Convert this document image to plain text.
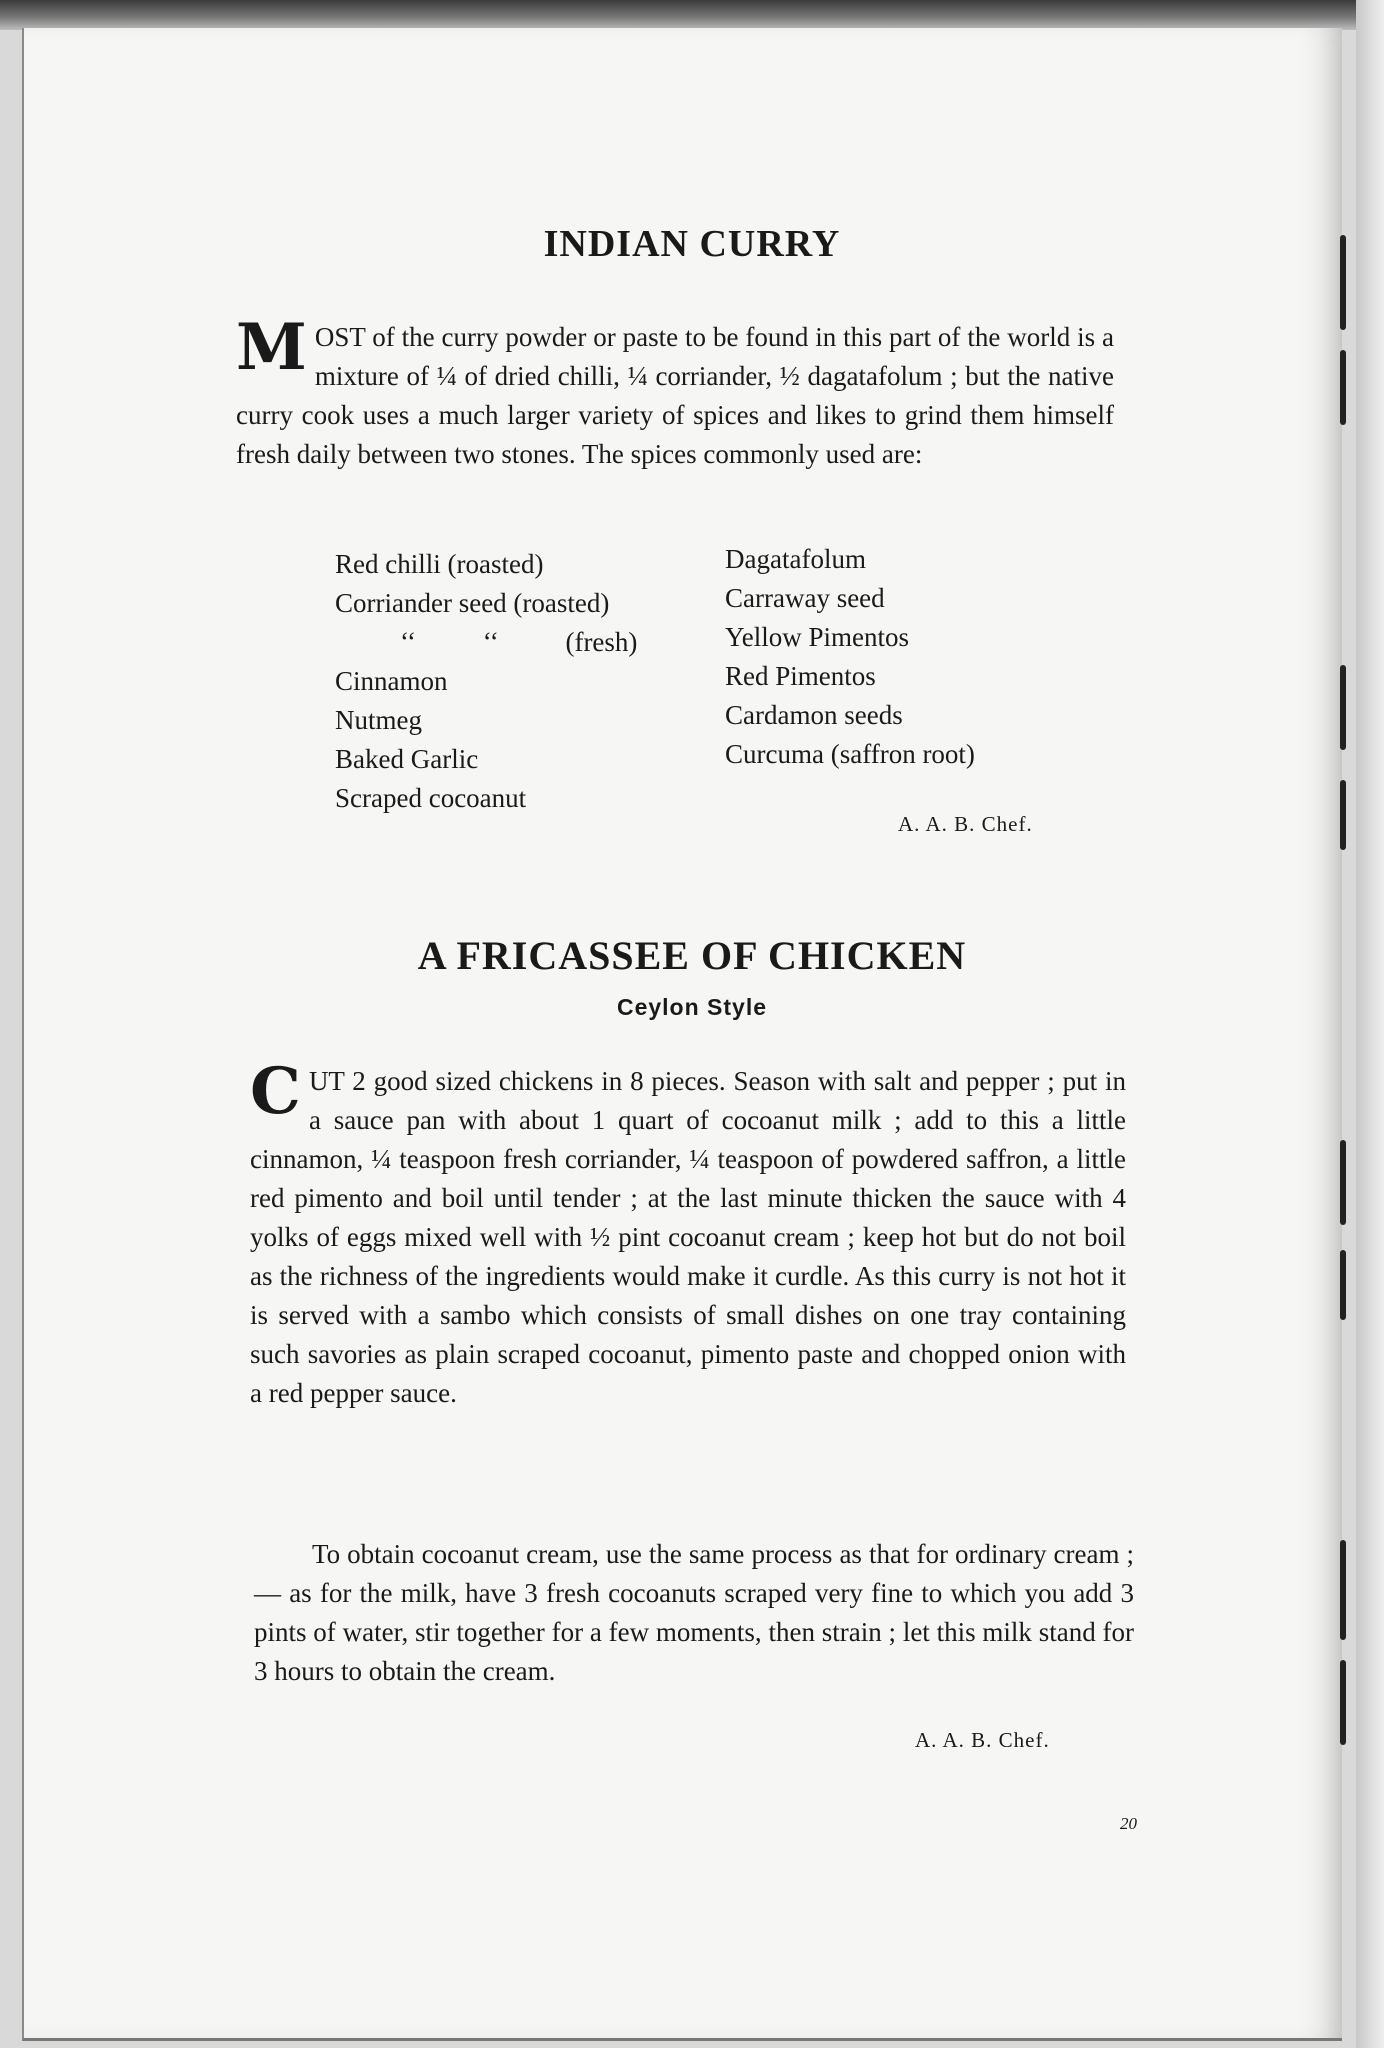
INDIAN CURRY

MOST of the curry powder or paste to be found in this part of the world is a mixture of ¼ of dried chilli, ¼ corriander, ½ dagatafolum ; but the native curry cook uses a much larger variety of spices and likes to grind them himself fresh daily between two stones. The spices commonly used are:

Red chilli (roasted)
Corriander seed (roasted)
‘‘ ‘‘ (fresh)
Cinnamon
Nutmeg
Baked Garlic
Scraped cocoanut
Dagatafolum
Carraway seed
Yellow Pimentos
Red Pimentos
Cardamon seeds
Curcuma (saffron root)
A. A. B. Chef.
A FRICASSEE OF CHICKEN
Ceylon Style

CUT 2 good sized chickens in 8 pieces. Season with salt and pepper ; put in a sauce pan with about 1 quart of cocoanut milk ; add to this a little cinnamon, ¼ teaspoon fresh corriander, ¼ teaspoon of powdered saffron, a little red pimento and boil until tender ; at the last minute thicken the sauce with 4 yolks of eggs mixed well with ½ pint cocoanut cream ; keep hot but do not boil as the richness of the ingredients would make it curdle. As this curry is not hot it is served with a sambo which consists of small dishes on one tray containing such savories as plain scraped cocoanut, pimento paste and chopped onion with a red pepper sauce.

To obtain cocoanut cream, use the same process as that for ordinary cream ; — as for the milk, have 3 fresh cocoanuts scraped very fine to which you add 3 pints of water, stir together for a few moments, then strain ; let this milk stand for 3 hours to obtain the cream.

A. A. B. Chef.
20
